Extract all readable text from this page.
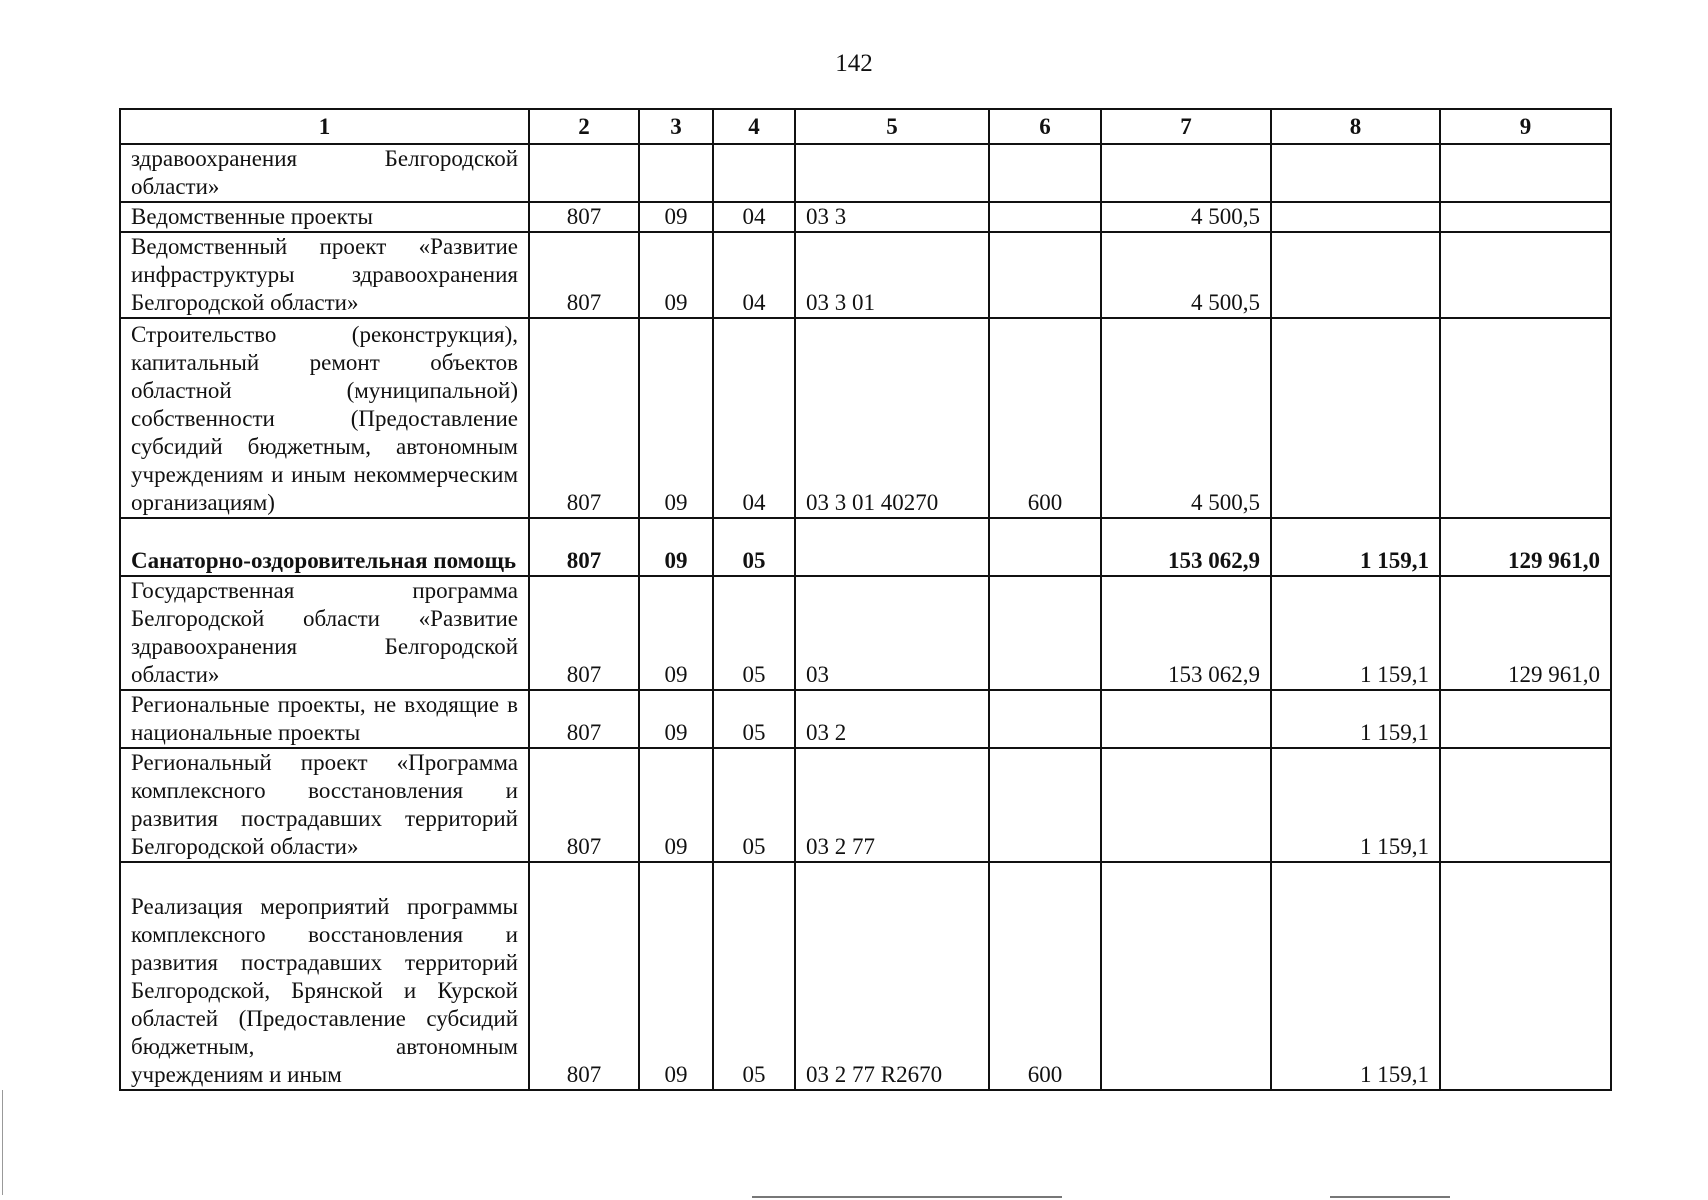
142
1	2	3	4	5	6	7	8	9
здравоохранения Белгородской области»								
Ведомственные проекты	807	09	04	03 3		4 500,5		
Ведомственный проект «Развитие инфраструктуры здравоохранения Белгородской области»	807	09	04	03 3 01		4 500,5		
Строительство (реконструкция), капитальный ремонт объектов областной (муниципальной) собственности (Предоставление субсидий бюджетным, автономным учреждениям и иным некоммерческим организациям)	807	09	04	03 3 01 40270	600	4 500,5		
Санаторно-оздоровительная помощь	807	09	05			153 062,9	1 159,1	129 961,0
Государственная программа Белгородской области «Развитие здравоохранения Белгородской области»	807	09	05	03		153 062,9	1 159,1	129 961,0
Региональные проекты, не входящие в национальные проекты	807	09	05	03 2			1 159,1	
Региональный проект «Программа комплексного восстановления и развития пострадавших территорий Белгородской области»	807	09	05	03 2 77			1 159,1	
Реализация мероприятий программы комплексного восстановления и развития пострадавших территорий Белгородской, Брянской и Курской областей (Предоставление субсидий бюджетным, автономным учреждениям и иным	807	09	05	03 2 77 R2670	600		1 159,1	
